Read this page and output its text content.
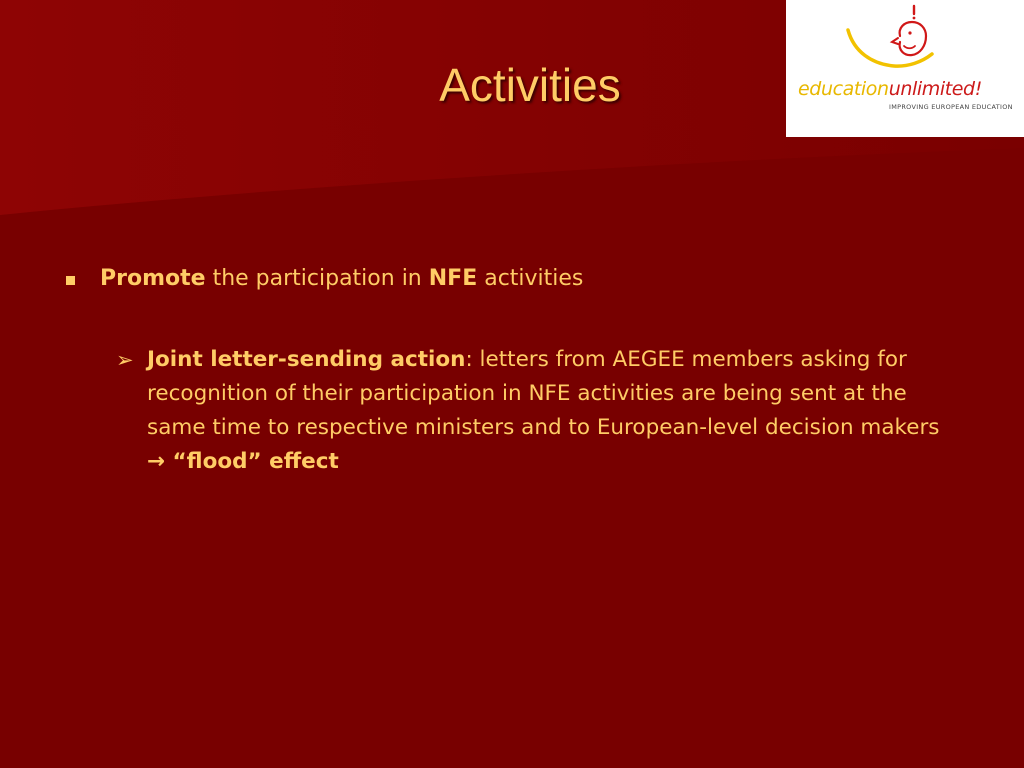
Activities	educationunlimited!
IMPROVING EUROPEAN EDUCATION
Promote the participation in NFE activities
➢ Joint letter-sending action: letters from AEGEE members asking for recognition of their participation in NFE activities are being sent at the same time to respective ministers and to European-level decision makers → “flood” effect
